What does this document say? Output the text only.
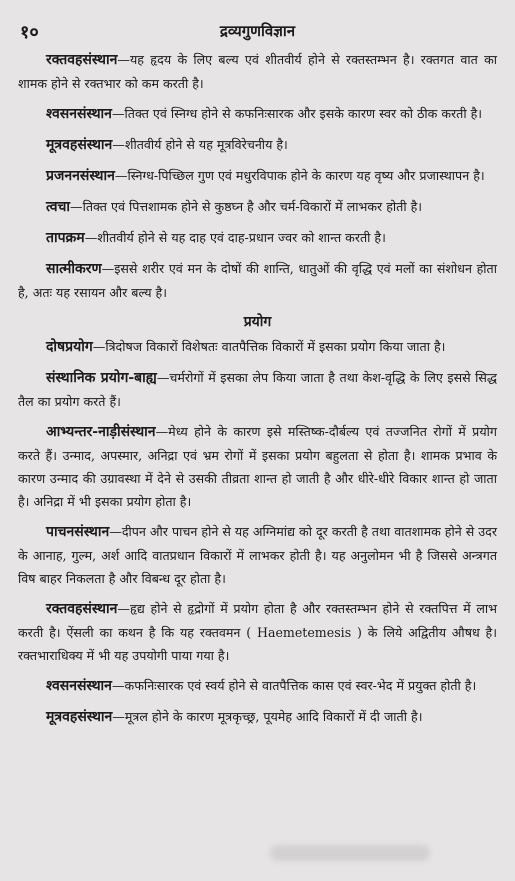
१०	द्रव्यगुणविज्ञान

रक्तवहसंस्थान—यह हृदय के लिए बल्य एवं शीतवीर्य होने से रक्तस्तम्भन है। रक्तगत वात का शामक होने से रक्तभार को कम करती है।

श्वसनसंस्थान—तिक्त एवं स्निग्ध होने से कफनिःसारक और इसके कारण स्वर को ठीक करती है।

मूत्रवहसंस्थान—शीतवीर्य होने से यह मूत्रविरेचनीय है।

प्रजननसंस्थान—स्निग्ध-पिच्छिल गुण एवं मधुरविपाक होने के कारण यह वृष्य और प्रजास्थापन है।

त्वचा—तिक्त एवं पित्तशामक होने से कुष्ठघ्न है और चर्म-विकारों में लाभकर होती है।

तापक्रम—शीतवीर्य होने से यह दाह एवं दाह-प्रधान ज्वर को शान्त करती है।

सात्मीकरण—इससे शरीर एवं मन के दोषों की शान्ति, धातुओं की वृद्धि एवं मलों का संशोधन होता है, अतः यह रसायन और बल्य है।

प्रयोग

दोषप्रयोग—त्रिदोषज विकारों विशेषतः वातपैत्तिक विकारों में इसका प्रयोग किया जाता है।

संस्थानिक प्रयोग-बाह्य—चर्मरोगों में इसका लेप किया जाता है तथा केश-वृद्धि के लिए इससे सिद्ध तैल का प्रयोग करते हैं।

आभ्यन्तर-नाड़ीसंस्थान—मेध्य होने के कारण इसे मस्तिष्क-दौर्बल्य एवं तज्जनित रोगों में प्रयोग करते हैं। उन्माद, अपस्मार, अनिद्रा एवं भ्रम रोगों में इसका प्रयोग बहुलता से होता है। शामक प्रभाव के कारण उन्माद की उग्रावस्था में देने से उसकी तीव्रता शान्त हो जाती है और धीरे-धीरे विकार शान्त हो जाता है। अनिद्रा में भी इसका प्रयोग होता है।

पाचनसंस्थान—दीपन और पाचन होने से यह अग्निमांद्य को दूर करती है तथा वातशामक होने से उदर के आनाह, गुल्म, अर्श आदि वातप्रधान विकारों में लाभकर होती है। यह अनुलोमन भी है जिससे अन्त्रगत विष बाहर निकलता है और विबन्ध दूर होता है।

रक्तवहसंस्थान—हृद्य होने से हृद्रोगों में प्रयोग होता है और रक्तस्तम्भन होने से रक्तपित्त में लाभ करती है। ऐंसली का कथन है कि यह रक्तवमन ( Haemetemesis ) के लिये अद्वितीय औषध है। रक्तभाराधिक्य में भी यह उपयोगी पाया गया है।

श्वसनसंस्थान—कफनिःसारक एवं स्वर्य होने से वातपैत्तिक कास एवं स्वर-भेद में प्रयुक्त होती है।

मूत्रवहसंस्थान—मूत्रल होने के कारण मूत्रकृच्छ्र, पूयमेह आदि विकारों में दी जाती है।
